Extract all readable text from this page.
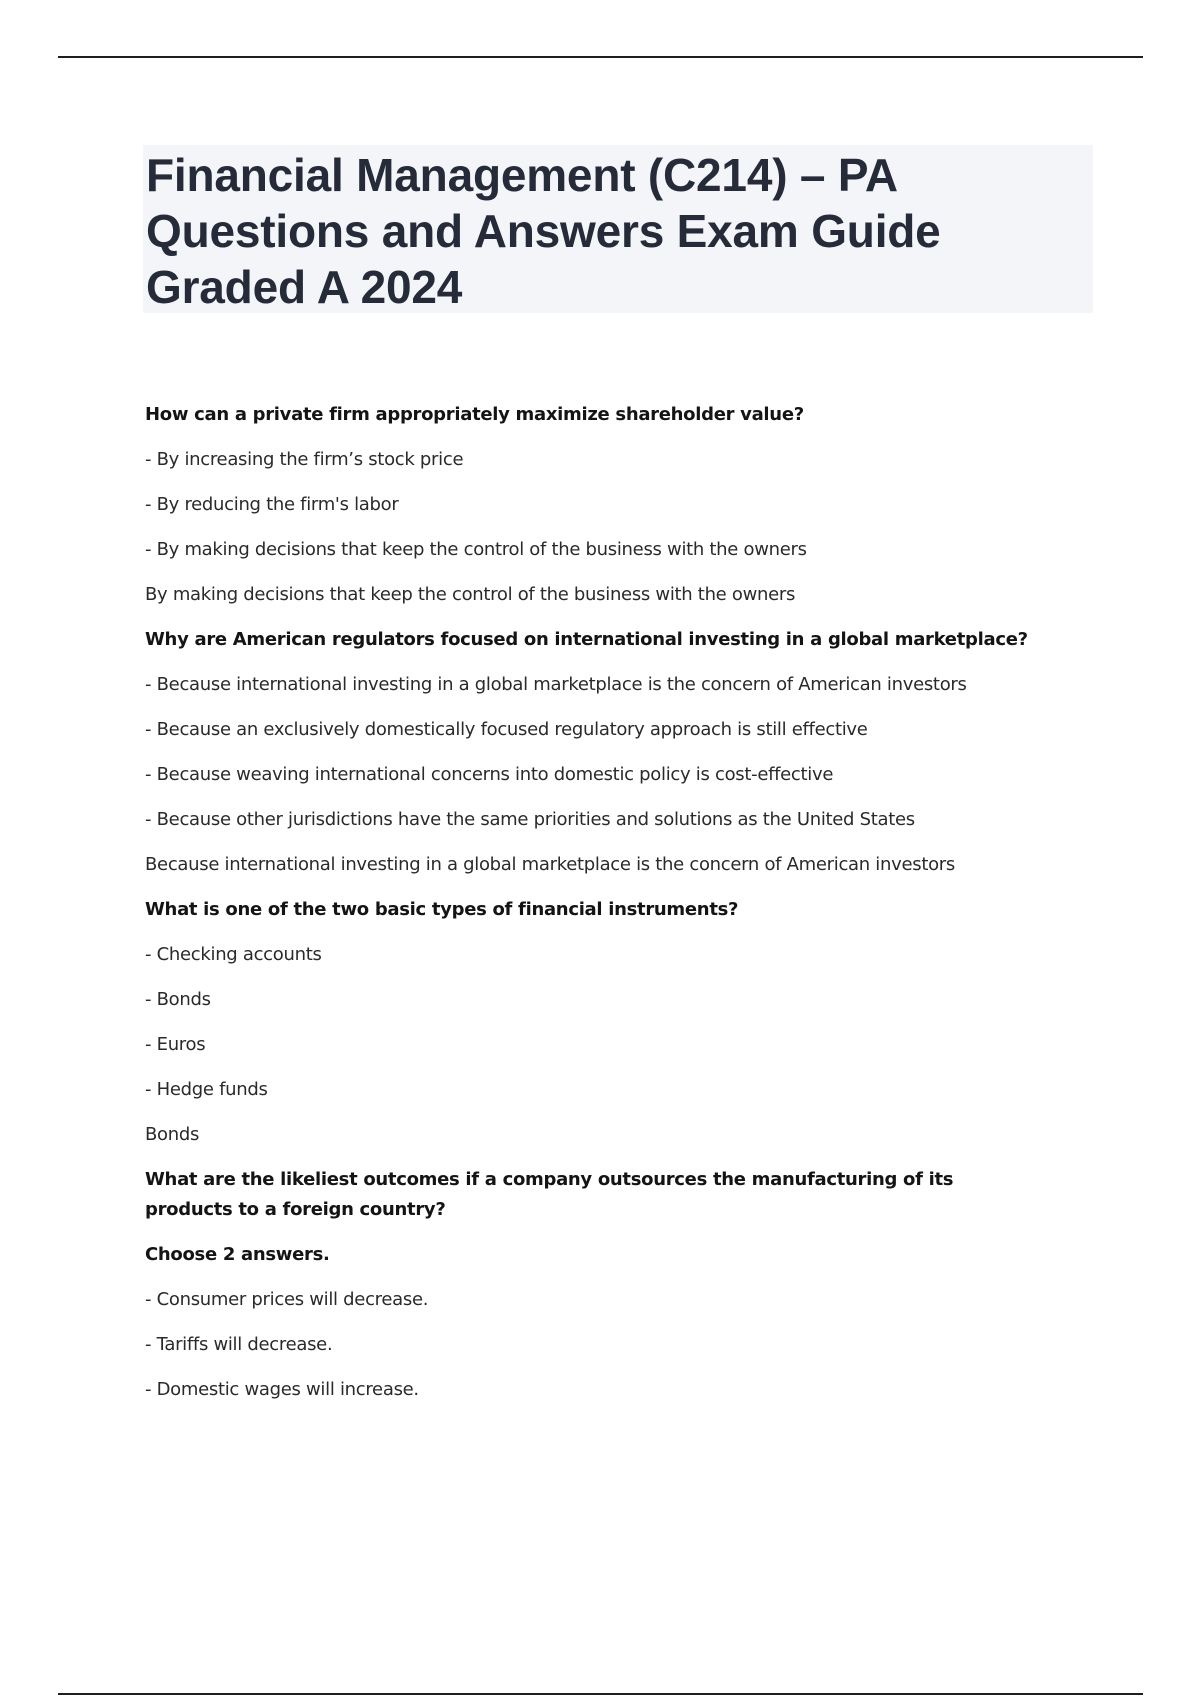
Financial Management (C214) – PA Questions and Answers Exam Guide Graded A 2024

How can a private firm appropriately maximize shareholder value?

- By increasing the firm’s stock price

- By reducing the firm's labor

- By making decisions that keep the control of the business with the owners

By making decisions that keep the control of the business with the owners

Why are American regulators focused on international investing in a global marketplace?

- Because international investing in a global marketplace is the concern of American investors

- Because an exclusively domestically focused regulatory approach is still effective

- Because weaving international concerns into domestic policy is cost-effective

- Because other jurisdictions have the same priorities and solutions as the United States

Because international investing in a global marketplace is the concern of American investors

What is one of the two basic types of financial instruments?

- Checking accounts

- Bonds

- Euros

- Hedge funds

Bonds

What are the likeliest outcomes if a company outsources the manufacturing of its products to a foreign country?

Choose 2 answers.

- Consumer prices will decrease.

- Tariffs will decrease.

- Domestic wages will increase.
